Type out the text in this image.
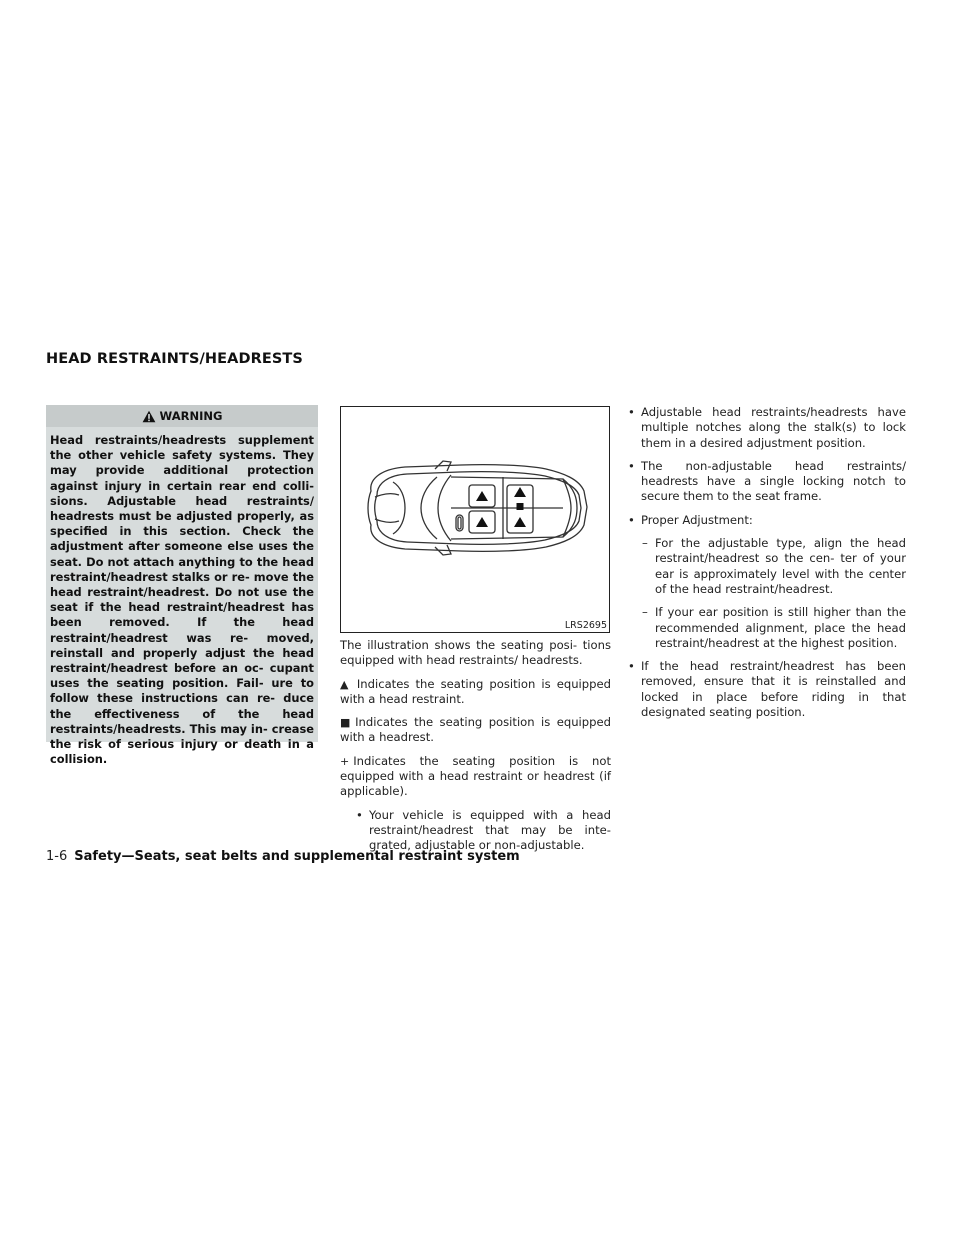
HEAD RESTRAINTS/HEADRESTS
WARNING

Head restraints/headrests supplement the other vehicle safety systems. They may provide additional protection against injury in certain rear end colli- sions. Adjustable head restraints/ headrests must be adjusted properly, as specified in this section. Check the adjustment after someone else uses the seat. Do not attach anything to the head restraint/headrest stalks or re- move the head restraint/headrest. Do not use the seat if the head restraint/headrest has been removed. If the head restraint/headrest was re- moved, reinstall and properly adjust the head restraint/headrest before an oc- cupant uses the seating position. Fail- ure to follow these instructions can re- duce the effectiveness of the head restraints/headrests. This may in- crease the risk of serious injury or death in a collision.

LRS2695

The illustration shows the seating posi- tions equipped with head restraints/ headrests.

▲ Indicates the seating position is equipped with a head restraint.

■ Indicates the seating position is equipped with a headrest.

+ Indicates the seating position is not equipped with a head restraint or headrest (if applicable).

• Your vehicle is equipped with a head restraint/headrest that may be inte- grated, adjustable or non-adjustable.
• Adjustable head restraints/headrests have multiple notches along the stalk(s) to lock them in a desired adjustment position.
• The non-adjustable head restraints/ headrests have a single locking notch to secure them to the seat frame.
• Proper Adjustment:
– For the adjustable type, align the head restraint/headrest so the cen- ter of your ear is approximately level with the center of the head restraint/headrest.
– If your ear position is still higher than the recommended alignment, place the head restraint/headrest at the highest position.
• If the head restraint/headrest has been removed, ensure that it is reinstalled and locked in place before riding in that designated seating position.
1-6 Safety—Seats, seat belts and supplemental restraint system
